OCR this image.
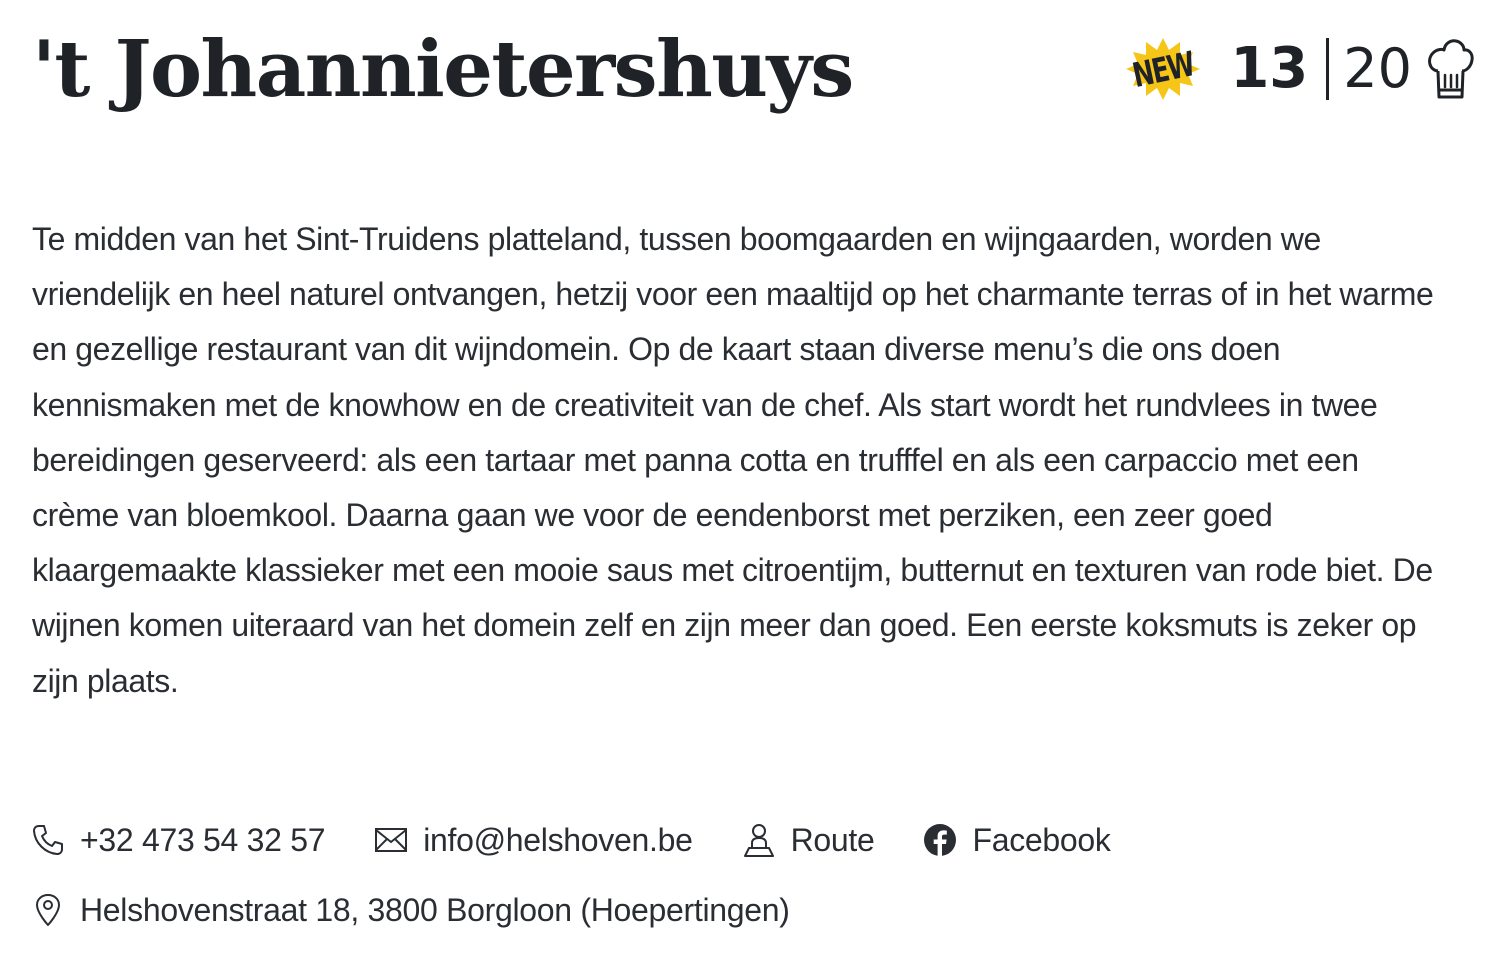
't Johannietershuys	NEW 13 20

Te midden van het Sint-Truidens platteland, tussen boomgaarden en wijngaarden, worden we vriendelijk en heel naturel ontvangen, hetzij voor een maaltijd op het charmante terras of in het warme en gezellige restaurant van dit wijndomein. Op de kaart staan diverse menu’s die ons doen kennismaken met de knowhow en de creativiteit van de chef. Als start wordt het rundvlees in twee bereidingen geserveerd: als een tartaar met panna cotta en trufffel en als een carpaccio met een crème van bloemkool. Daarna gaan we voor de eendenborst met perziken, een zeer goed klaargemaakte klassieker met een mooie saus met citroentijm, butternut en texturen van rode biet. De wijnen komen uiteraard van het domein zelf en zijn meer dan goed. Een eerste koksmuts is zeker op zijn plaats.

+32 473 54 32 57	info@helshoven.be	Route	Facebook
Helshovenstraat 18, 3800 Borgloon (Hoepertingen)
